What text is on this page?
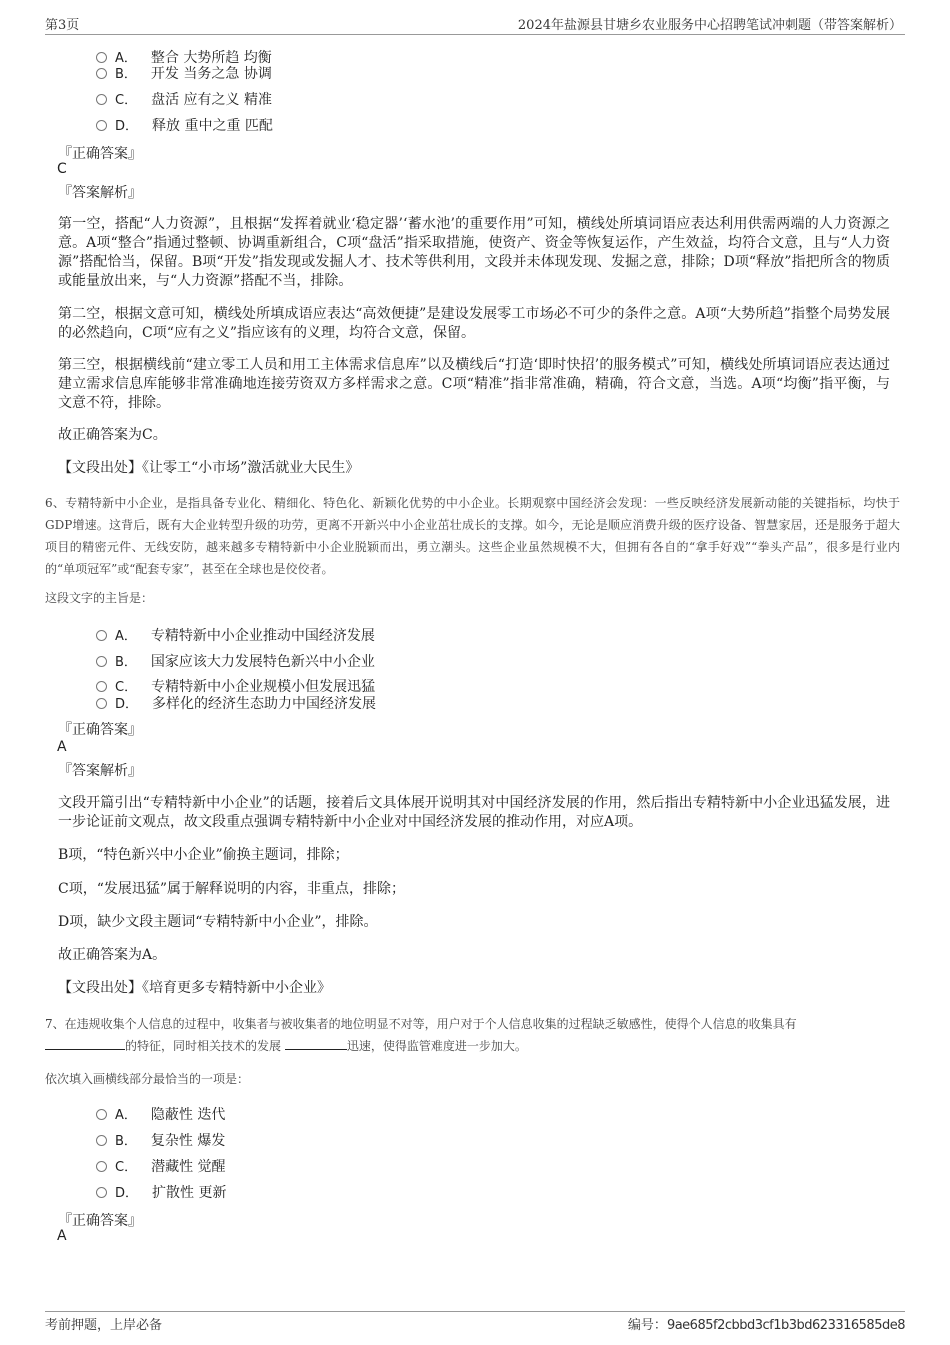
第3页	2024年盐源县甘塘乡农业服务中心招聘笔试冲刺题（带答案解析）
A． 整合 大势所趋 均衡
B． 开发 当务之急 协调
C． 盘活 应有之义 精准
D． 释放 重中之重 匹配
『正确答案』
C
『答案解析』
第一空，搭配“人力资源”，且根据“发挥着就业‘稳定器’‘蓄水池’的重要作用”可知，横线处所填词语应表达利用供需两端的人力资源之意。A项“整合”指通过整顿、协调重新组合，C项“盘活”指采取措施，使资产、资金等恢复运作，产生效益，均符合文意，且与“人力资源”搭配恰当，保留。B项“开发”指发现或发掘人才、技术等供利用，文段并未体现发现、发掘之意，排除；D项“释放”指把所含的物质或能量放出来，与“人力资源”搭配不当，排除。
第二空，根据文意可知，横线处所填成语应表达“高效便捷”是建设发展零工市场必不可少的条件之意。A项“大势所趋”指整个局势发展的必然趋向，C项“应有之义”指应该有的义理，均符合文意，保留。
第三空，根据横线前“建立零工人员和用工主体需求信息库”以及横线后“打造‘即时快招’的服务模式”可知，横线处所填词语应表达通过建立需求信息库能够非常准确地连接劳资双方多样需求之意。C项“精准”指非常准确，精确，符合文意，当选。A项“均衡”指平衡，与文意不符，排除。
故正确答案为C。
【文段出处】《让零工“小市场”激活就业大民生》
6、专精特新中小企业，是指具备专业化、精细化、特色化、新颖化优势的中小企业。长期观察中国经济会发现：一些反映经济发展新动能的关键指标，均快于GDP增速。这背后，既有大企业转型升级的功劳，更离不开新兴中小企业茁壮成长的支撑。如今，无论是顺应消费升级的医疗设备、智慧家居，还是服务于超大项目的精密元件、无线安防，越来越多专精特新中小企业脱颖而出，勇立潮头。这些企业虽然规模不大，但拥有各自的“拿手好戏”“拳头产品”，很多是行业内的“单项冠军”或“配套专家”，甚至在全球也是佼佼者。
这段文字的主旨是：
A． 专精特新中小企业推动中国经济发展
B． 国家应该大力发展特色新兴中小企业
C． 专精特新中小企业规模小但发展迅猛
D． 多样化的经济生态助力中国经济发展
『正确答案』
A
『答案解析』
文段开篇引出“专精特新中小企业”的话题，接着后文具体展开说明其对中国经济发展的作用，然后指出专精特新中小企业迅猛发展，进一步论证前文观点，故文段重点强调专精特新中小企业对中国经济发展的推动作用，对应A项。
B项，“特色新兴中小企业”偷换主题词，排除；
C项，“发展迅猛”属于解释说明的内容，非重点，排除；
D项，缺少文段主题词“专精特新中小企业”，排除。
故正确答案为A。
【文段出处】《培育更多专精特新中小企业》
7、在违规收集个人信息的过程中，收集者与被收集者的地位明显不对等，用户对于个人信息收集的过程缺乏敏感性，使得个人信息的收集具有
的特征，同时相关技术的发展	迅速，使得监管难度进一步加大。
依次填入画横线部分最恰当的一项是：
A． 隐蔽性 迭代
B． 复杂性 爆发
C． 潜藏性 觉醒
D． 扩散性 更新
『正确答案』
A
考前押题，上岸必备	编号：9ae685f2cbbd3cf1b3bd623316585de8
